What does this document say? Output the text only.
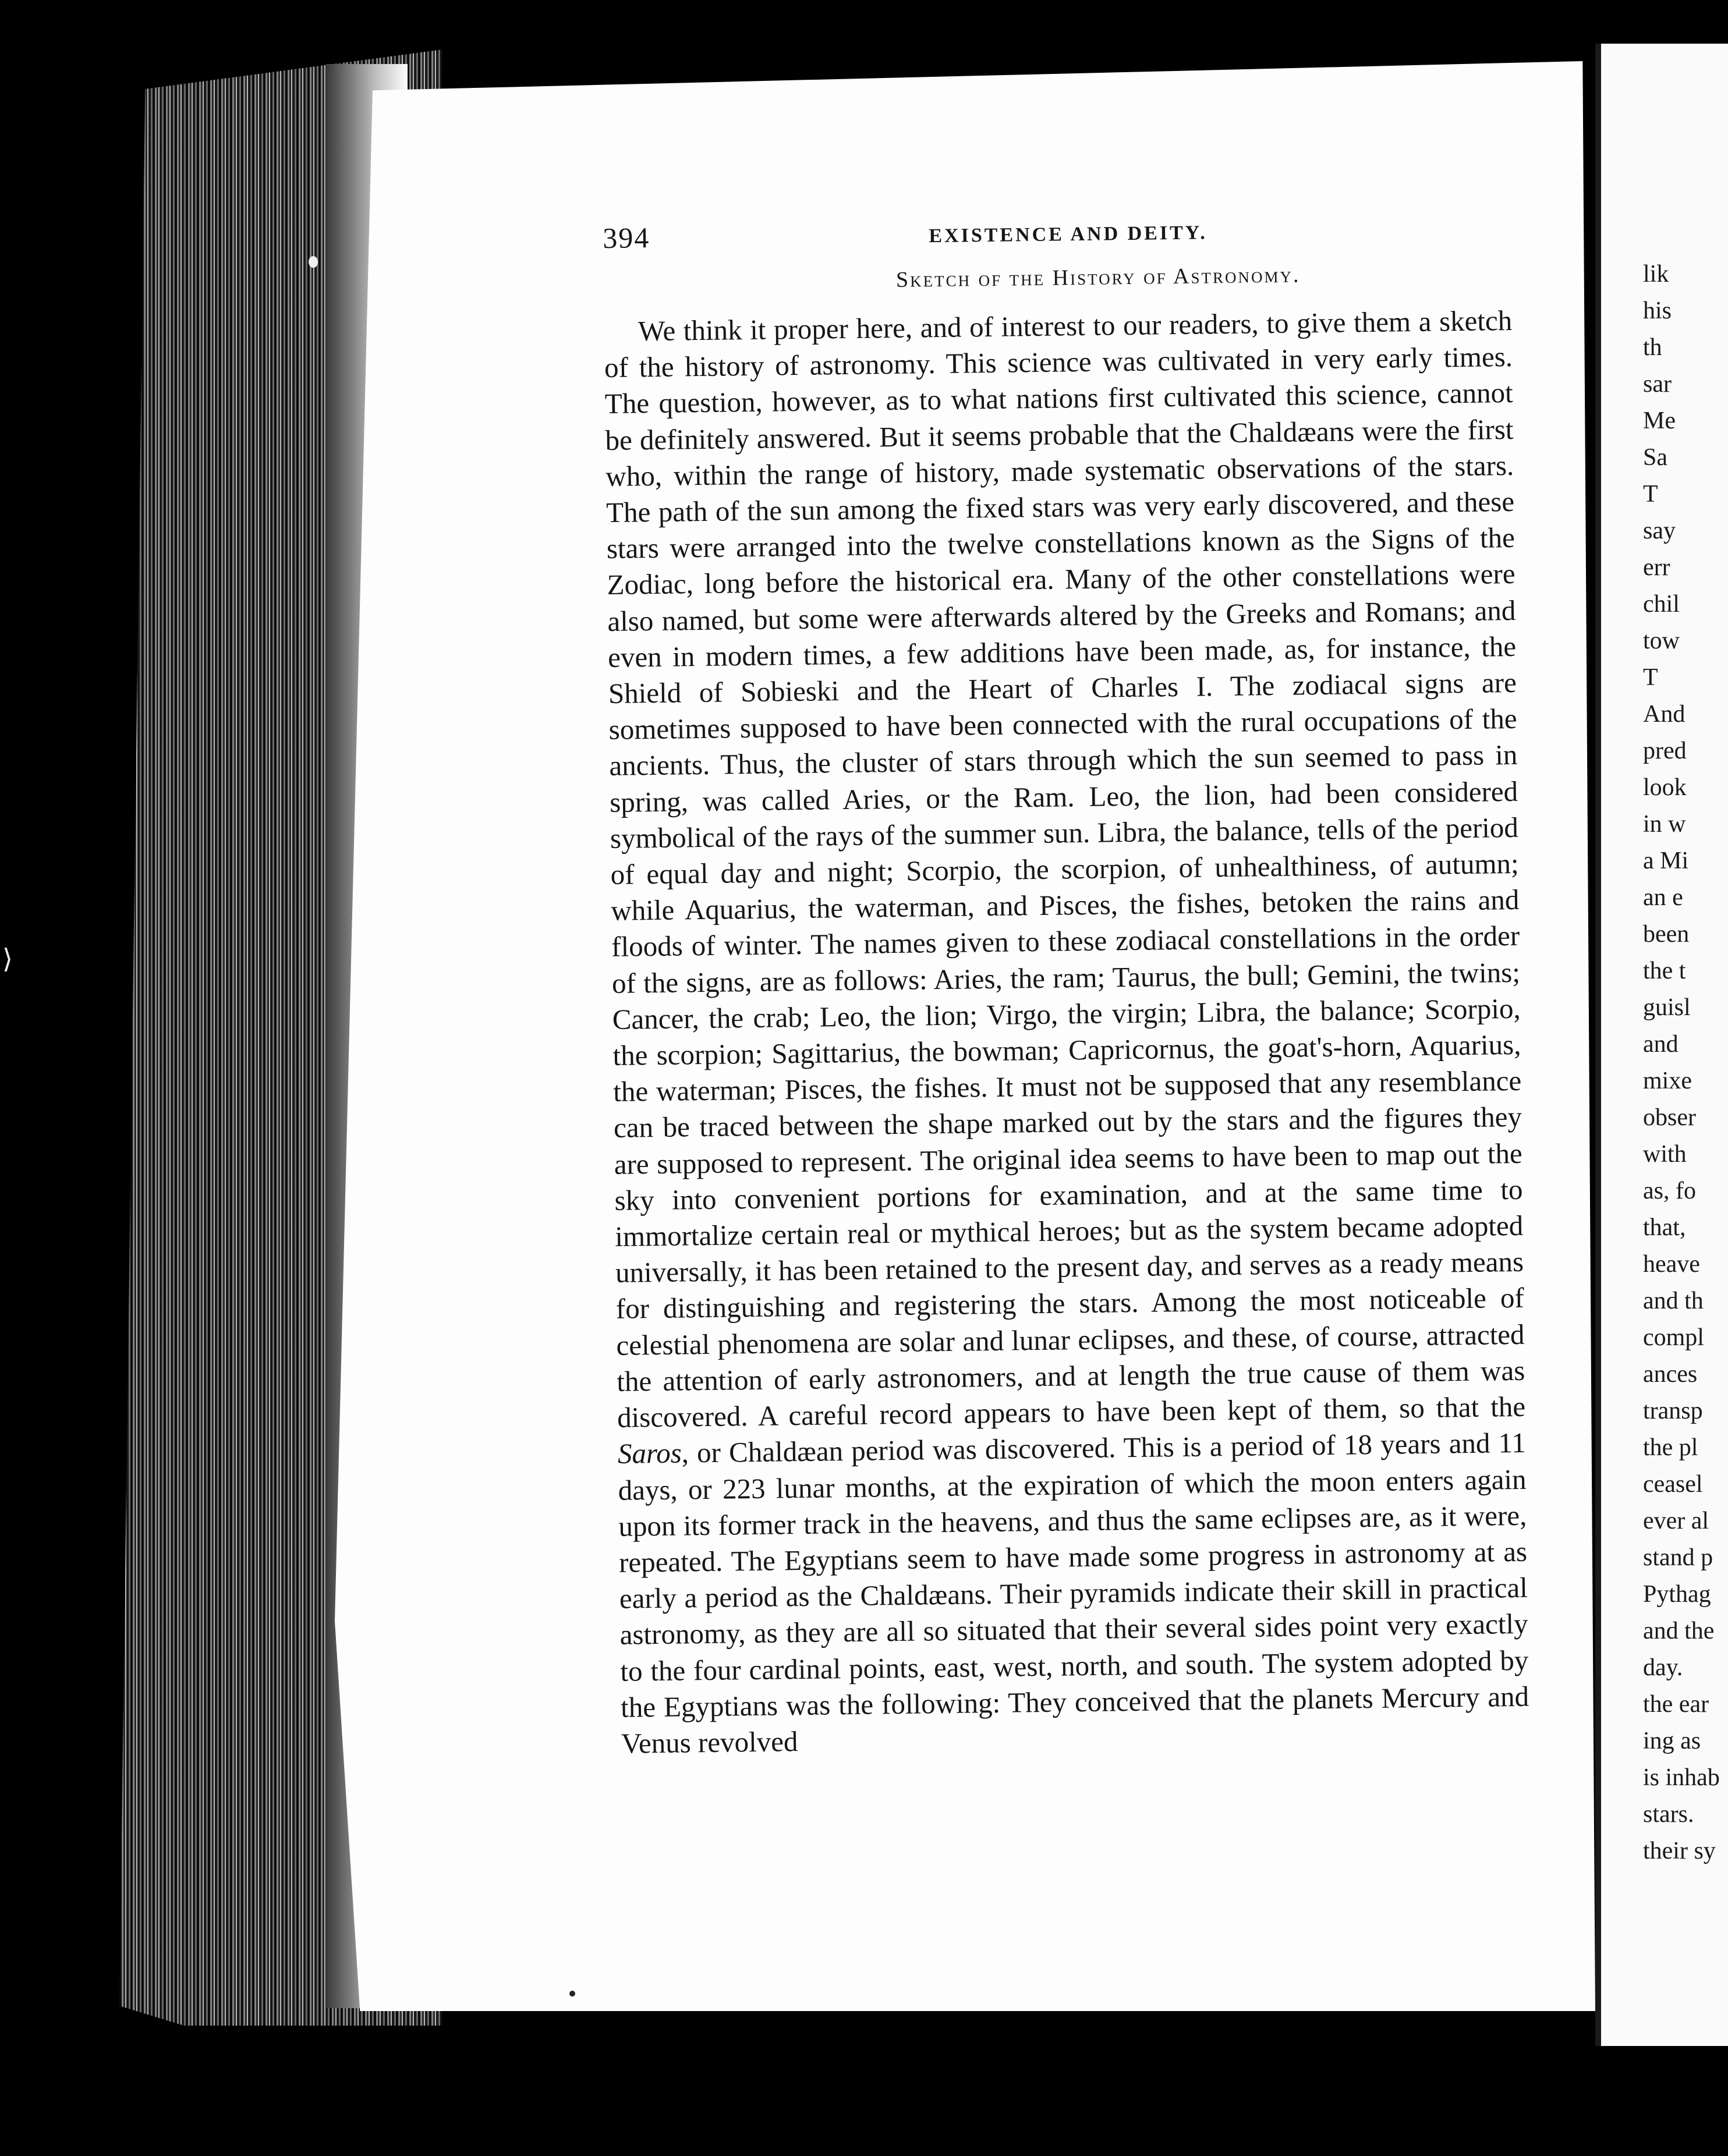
⟩
394	EXISTENCE AND DEITY.
Sketch of the History of Astronomy.

We think it proper here, and of interest to our readers, to give them a sketch of the history of astronomy. This science was cultivated in very early times. The question, however, as to what nations first cultivated this science, cannot be definitely answered. But it seems probable that the Chaldæans were the first who, within the range of history, made systematic observations of the stars. The path of the sun among the fixed stars was very early discovered, and these stars were arranged into the twelve constellations known as the Signs of the Zodiac, long before the historical era. Many of the other constellations were also named, but some were afterwards altered by the Greeks and Romans; and even in modern times, a few additions have been made, as, for instance, the Shield of Sobieski and the Heart of Charles I. The zodiacal signs are sometimes supposed to have been connected with the rural occupations of the ancients. Thus, the cluster of stars through which the sun seemed to pass in spring, was called Aries, or the Ram. Leo, the lion, had been considered symbolical of the rays of the summer sun. Libra, the balance, tells of the period of equal day and night; Scorpio, the scorpion, of unhealthiness, of autumn; while Aquarius, the waterman, and Pisces, the fishes, betoken the rains and floods of winter. The names given to these zodiacal constellations in the order of the signs, are as follows: Aries, the ram; Taurus, the bull; Gemini, the twins; Cancer, the crab; Leo, the lion; Virgo, the virgin; Libra, the balance; Scorpio, the scorpion; Sagittarius, the bowman; Capricornus, the goat's-horn, Aquarius, the waterman; Pisces, the fishes. It must not be supposed that any resemblance can be traced between the shape marked out by the stars and the figures they are supposed to represent. The original idea seems to have been to map out the sky into convenient portions for examination, and at the same time to immortalize certain real or mythical heroes; but as the system became adopted universally, it has been retained to the present day, and serves as a ready means for distinguishing and registering the stars. Among the most noticeable of celestial phenomena are solar and lunar eclipses, and these, of course, attracted the attention of early astronomers, and at length the true cause of them was discovered. A careful record appears to have been kept of them, so that the Saros, or Chaldæan period was discovered. This is a period of 18 years and 11 days, or 223 lunar months, at the expiration of which the moon enters again upon its former track in the heavens, and thus the same eclipses are, as it were, repeated. The Egyptians seem to have made some progress in astronomy at as early a period as the Chaldæans. Their pyramids indicate their skill in practical astronomy, as they are all so situated that their several sides point very exactly to the four cardinal points, east, west, north, and south. The system adopted by the Egyptians was the following: They conceived that the planets Mercury and Venus revolved

lik
his
th
sar
Me
Sa
T
say
err
chil
tow
T
And
pred
look
in w
a Mi
an e
been
the t
guisl
and
mixe
obser
with
as, fo
that,
heave
and th
compl
ances
transp
the pl
ceasel
ever al
stand p
Pythag
and the
day.
the ear
ing as
is inhab
stars.
their sy
